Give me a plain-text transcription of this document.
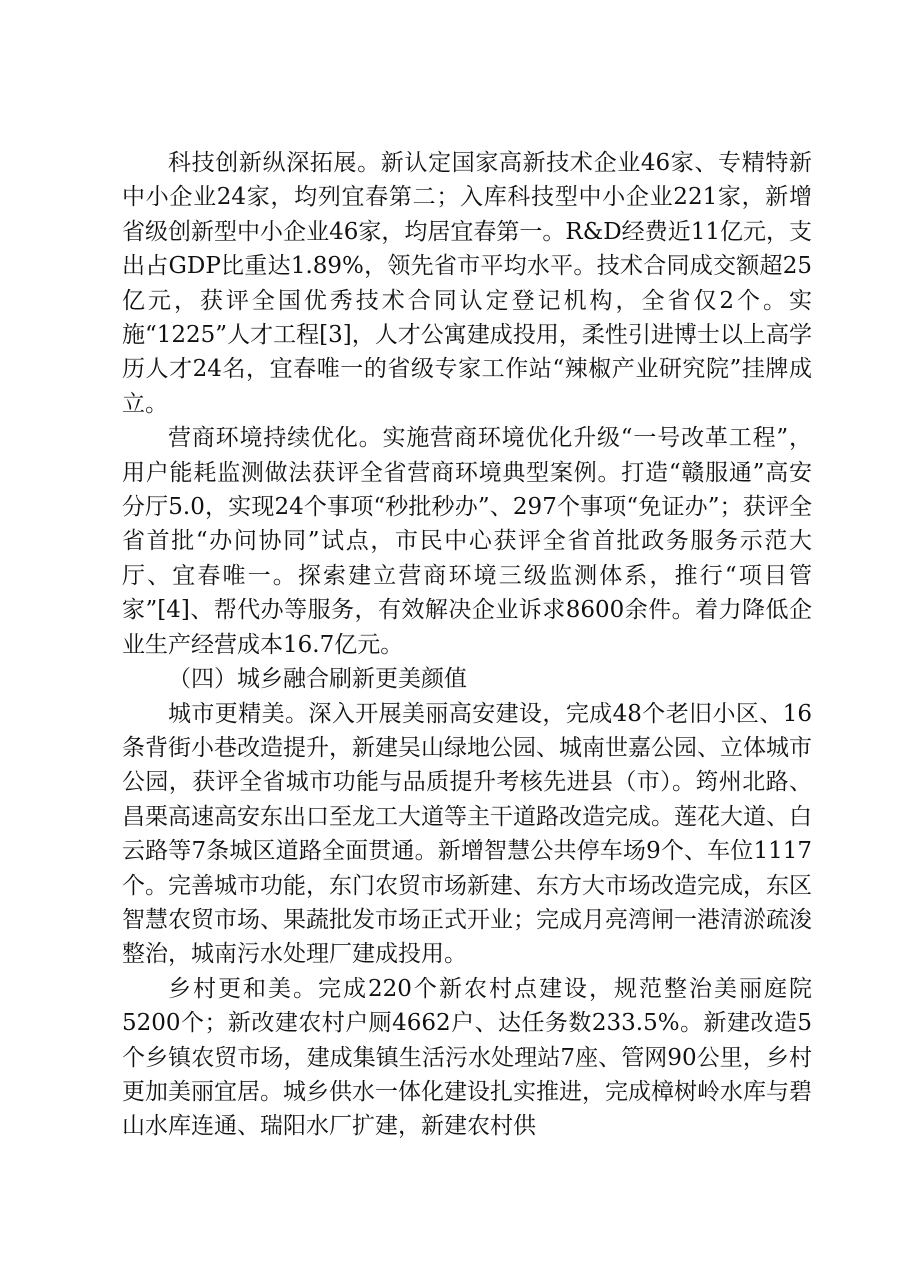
科技创新纵深拓展。新认定国家高新技术企业46家、专精特新中小企业24家，均列宜春第二；入库科技型中小企业221家，新增省级创新型中小企业46家，均居宜春第一。R&D经费近11亿元，支出占GDP比重达1.89%，领先省市平均水平。技术合同成交额超25亿元，获评全国优秀技术合同认定登记机构，全省仅2个。实施“1225”人才工程[3]，人才公寓建成投用，柔性引进博士以上高学历人才24名，宜春唯一的省级专家工作站“辣椒产业研究院”挂牌成立。

营商环境持续优化。实施营商环境优化升级“一号改革工程”，用户能耗监测做法获评全省营商环境典型案例。打造“赣服通”高安分厅5.0，实现24个事项“秒批秒办”、297个事项“免证办”；获评全省首批“办问协同”试点，市民中心获评全省首批政务服务示范大厅、宜春唯一。探索建立营商环境三级监测体系，推行“项目管家”[4]、帮代办等服务，有效解决企业诉求8600余件。着力降低企业生产经营成本16.7亿元。

（四）城乡融合刷新更美颜值

城市更精美。深入开展美丽高安建设，完成48个老旧小区、16条背街小巷改造提升，新建吴山绿地公园、城南世嘉公园、立体城市公园，获评全省城市功能与品质提升考核先进县（市）。筠州北路、昌栗高速高安东出口至龙工大道等主干道路改造完成。莲花大道、白云路等7条城区道路全面贯通。新增智慧公共停车场9个、车位1117个。完善城市功能，东门农贸市场新建、东方大市场改造完成，东区智慧农贸市场、果蔬批发市场正式开业；完成月亮湾闸一港清淤疏浚整治，城南污水处理厂建成投用。

乡村更和美。完成220个新农村点建设，规范整治美丽庭院5200个；新改建农村户厕4662户、达任务数233.5%。新建改造5个乡镇农贸市场，建成集镇生活污水处理站7座、管网90公里，乡村更加美丽宜居。城乡供水一体化建设扎实推进，完成樟树岭水库与碧山水库连通、瑞阳水厂扩建，新建农村供
